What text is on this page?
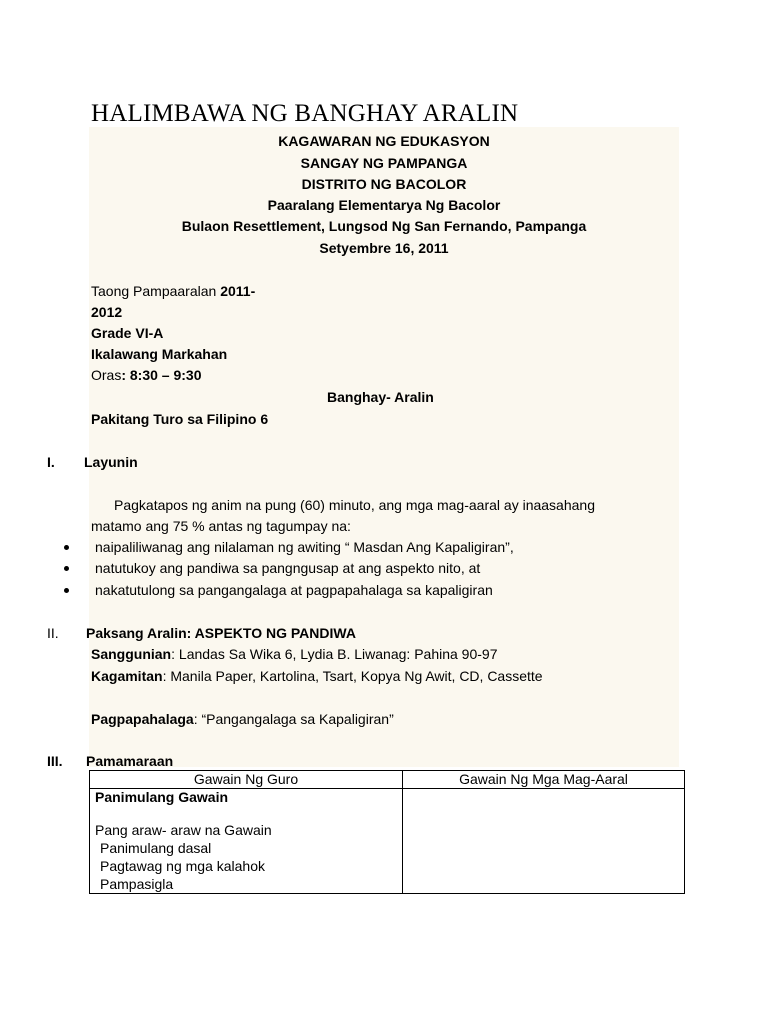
HALIMBAWA NG BANGHAY ARALIN
KAGAWARAN NG EDUKASYON
SANGAY NG PAMPANGA
DISTRITO NG BACOLOR
Paaralang Elementarya Ng Bacolor
Bulaon Resettlement, Lungsod Ng San Fernando, Pampanga
Setyembre 16, 2011
Taong Pampaaralan 2011-
2012
Grade VI-A
Ikalawang Markahan
Oras: 8:30 – 9:30
Banghay- Aralin
Pakitang Turo sa Filipino 6
I. Layunin
Pagkatapos ng anim na pung (60) minuto, ang mga mag-aaral ay inaasahang
matamo ang 75 % antas ng tagumpay na:
naipaliliwanag ang nilalaman ng awiting “ Masdan Ang Kapaligiran”,
natutukoy ang pandiwa sa pangngusap at ang aspekto nito, at
nakatutulong sa pangangalaga at pagpapahalaga sa kapaligiran
II. Paksang Aralin: ASPEKTO NG PANDIWA
Sanggunian: Landas Sa Wika 6, Lydia B. Liwanag: Pahina 90-97
Kagamitan: Manila Paper, Kartolina, Tsart, Kopya Ng Awit, CD, Cassette
Pagpapahalaga: “Pangangalaga sa Kapaligiran”
III. Pamamaraan
Gawain Ng Guro	Gawain Ng Mga Mag-Aaral

Panimulang Gawain
Pang araw- araw na Gawain
Panimulang dasal
Pagtawag ng mga kalahok
Pampasigla	
